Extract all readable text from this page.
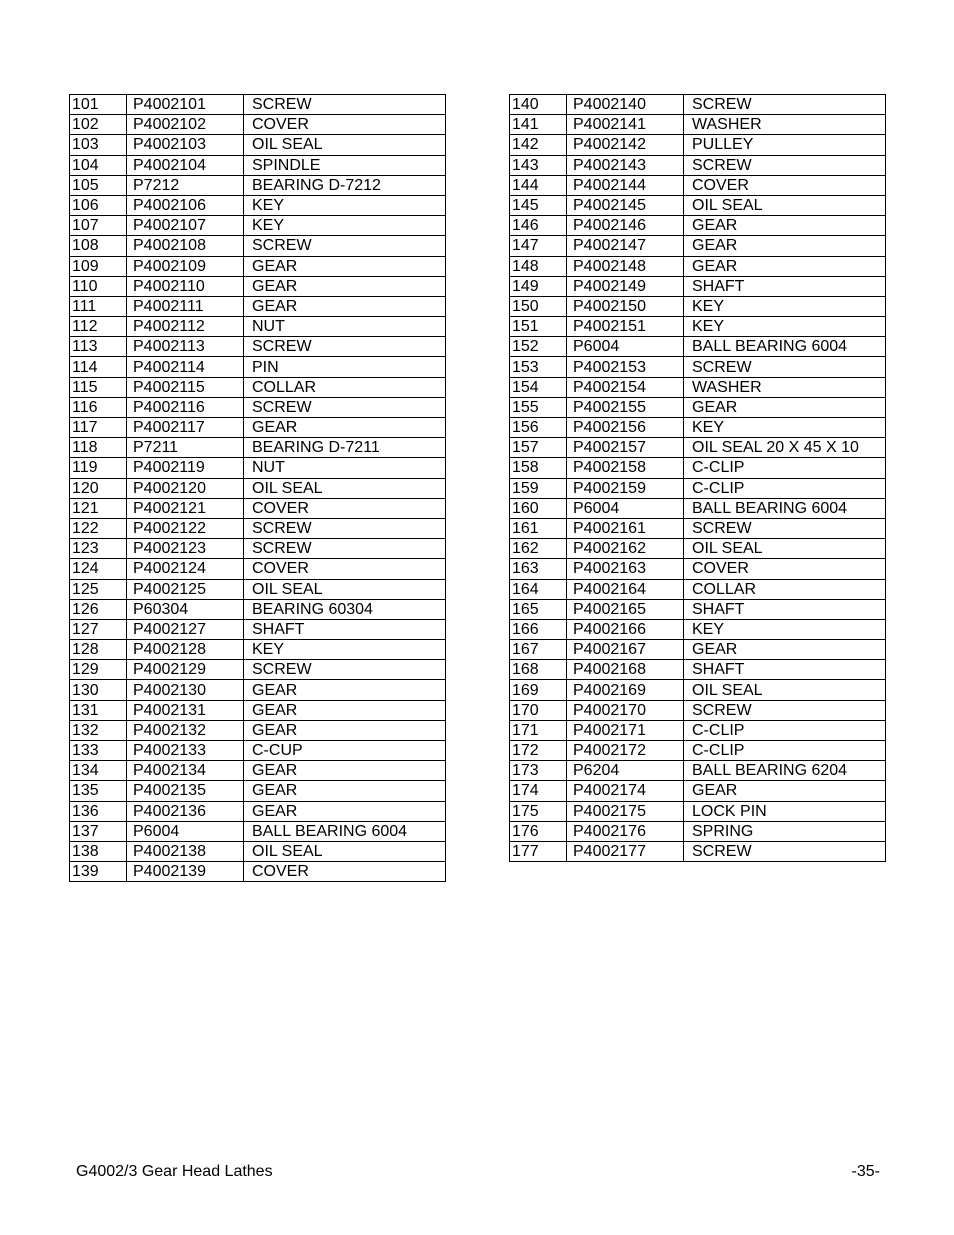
101	P4002101	SCREW
102	P4002102	COVER
103	P4002103	OIL SEAL
104	P4002104	SPINDLE
105	P7212	BEARING D-7212
106	P4002106	KEY
107	P4002107	KEY
108	P4002108	SCREW
109	P4002109	GEAR
110	P4002110	GEAR
111	P4002111	GEAR
112	P4002112	NUT
113	P4002113	SCREW
114	P4002114	PIN
115	P4002115	COLLAR
116	P4002116	SCREW
117	P4002117	GEAR
118	P7211	BEARING D-7211
119	P4002119	NUT
120	P4002120	OIL SEAL
121	P4002121	COVER
122	P4002122	SCREW
123	P4002123	SCREW
124	P4002124	COVER
125	P4002125	OIL SEAL
126	P60304	BEARING 60304
127	P4002127	SHAFT
128	P4002128	KEY
129	P4002129	SCREW
130	P4002130	GEAR
131	P4002131	GEAR
132	P4002132	GEAR
133	P4002133	C-CUP
134	P4002134	GEAR
135	P4002135	GEAR
136	P4002136	GEAR
137	P6004	BALL BEARING 6004
138	P4002138	OIL SEAL
139	P4002139	COVER
140	P4002140	SCREW
141	P4002141	WASHER
142	P4002142	PULLEY
143	P4002143	SCREW
144	P4002144	COVER
145	P4002145	OIL SEAL
146	P4002146	GEAR
147	P4002147	GEAR
148	P4002148	GEAR
149	P4002149	SHAFT
150	P4002150	KEY
151	P4002151	KEY
152	P6004	BALL BEARING 6004
153	P4002153	SCREW
154	P4002154	WASHER
155	P4002155	GEAR
156	P4002156	KEY
157	P4002157	OIL SEAL 20 X 45 X 10
158	P4002158	C-CLIP
159	P4002159	C-CLIP
160	P6004	BALL BEARING 6004
161	P4002161	SCREW
162	P4002162	OIL SEAL
163	P4002163	COVER
164	P4002164	COLLAR
165	P4002165	SHAFT
166	P4002166	KEY
167	P4002167	GEAR
168	P4002168	SHAFT
169	P4002169	OIL SEAL
170	P4002170	SCREW
171	P4002171	C-CLIP
172	P4002172	C-CLIP
173	P6204	BALL BEARING 6204
174	P4002174	GEAR
175	P4002175	LOCK PIN
176	P4002176	SPRING
177	P4002177	SCREW
G4002/3 Gear Head Lathes	-35-
